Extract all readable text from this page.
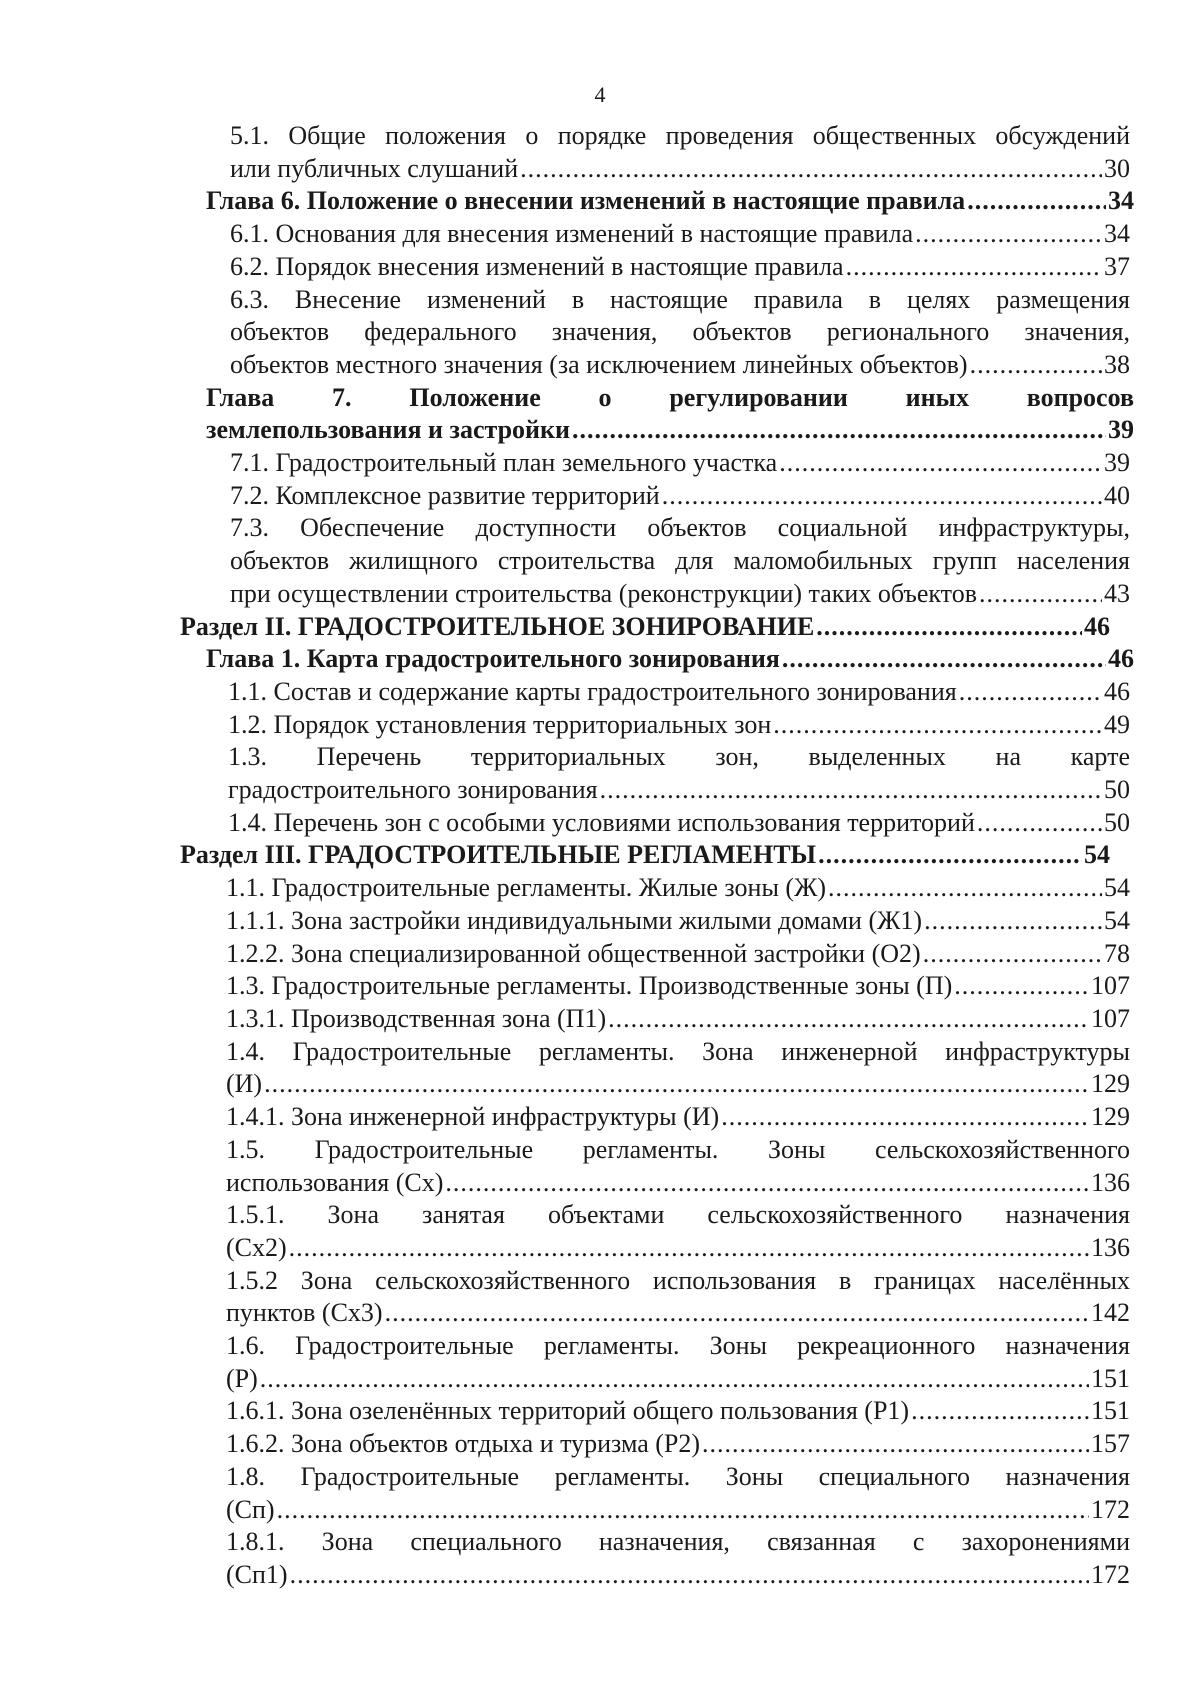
4
5.1. Общие положения о порядке проведения общественных обсуждений
или публичных слушаний .....	30
Глава 6. Положение о внесении изменений в настоящие правила .....	34
6.1. Основания для внесения изменений в настоящие правила .....	34
6.2. Порядок внесения изменений в настоящие правила .....	37
6.3. Внесение изменений в настоящие правила в целях размещения
объектов федерального значения, объектов регионального значения,
объектов местного значения (за исключением линейных объектов) .....	38
Глава 7. Положение о регулировании иных вопросов
землепользования и застройки .....	39
7.1. Градостроительный план земельного участка .....	39
7.2. Комплексное развитие территорий .....	40
7.3. Обеспечение доступности объектов социальной инфраструктуры,
объектов жилищного строительства для маломобильных групп населения
при осуществлении строительства (реконструкции) таких объектов .....	43
Раздел II. ГРАДОСТРОИТЕЛЬНОЕ ЗОНИРОВАНИЕ .....	46
Глава 1. Карта градостроительного зонирования .....	46
1.1. Состав и содержание карты градостроительного зонирования .....	46
1.2. Порядок установления территориальных зон .....	49
1.3. Перечень территориальных зон, выделенных на карте
градостроительного зонирования .....	50
1.4. Перечень зон с особыми условиями использования территорий .....	50
Раздел III. ГРАДОСТРОИТЕЛЬНЫЕ РЕГЛАМЕНТЫ .....	54
1.1. Градостроительные регламенты. Жилые зоны (Ж) .....	54
1.1.1. Зона застройки индивидуальными жилыми домами (Ж1) .....	54
1.2.2. Зона специализированной общественной застройки (О2) .....	78
1.3. Градостроительные регламенты. Производственные зоны (П) .....	107
1.3.1. Производственная зона (П1) .....	107
1.4. Градостроительные регламенты. Зона инженерной инфраструктуры
(И) .....	129
1.4.1. Зона инженерной инфраструктуры (И) .....	129
1.5. Градостроительные регламенты. Зоны сельскохозяйственного
использования (Сх) .....	136
1.5.1. Зона занятая объектами сельскохозяйственного назначения
(Сх2) .....	136
1.5.2 Зона сельскохозяйственного использования в границах населённых
пунктов (Сх3) .....	142
1.6. Градостроительные регламенты. Зоны рекреационного назначения
(Р) .....	151
1.6.1. Зона озеленённых территорий общего пользования (Р1) .....	151
1.6.2. Зона объектов отдыха и туризма (Р2) .....	157
1.8. Градостроительные регламенты. Зоны специального назначения
(Сп) .....	172
1.8.1. Зона специального назначения, связанная с захоронениями
(Сп1) .....	172
